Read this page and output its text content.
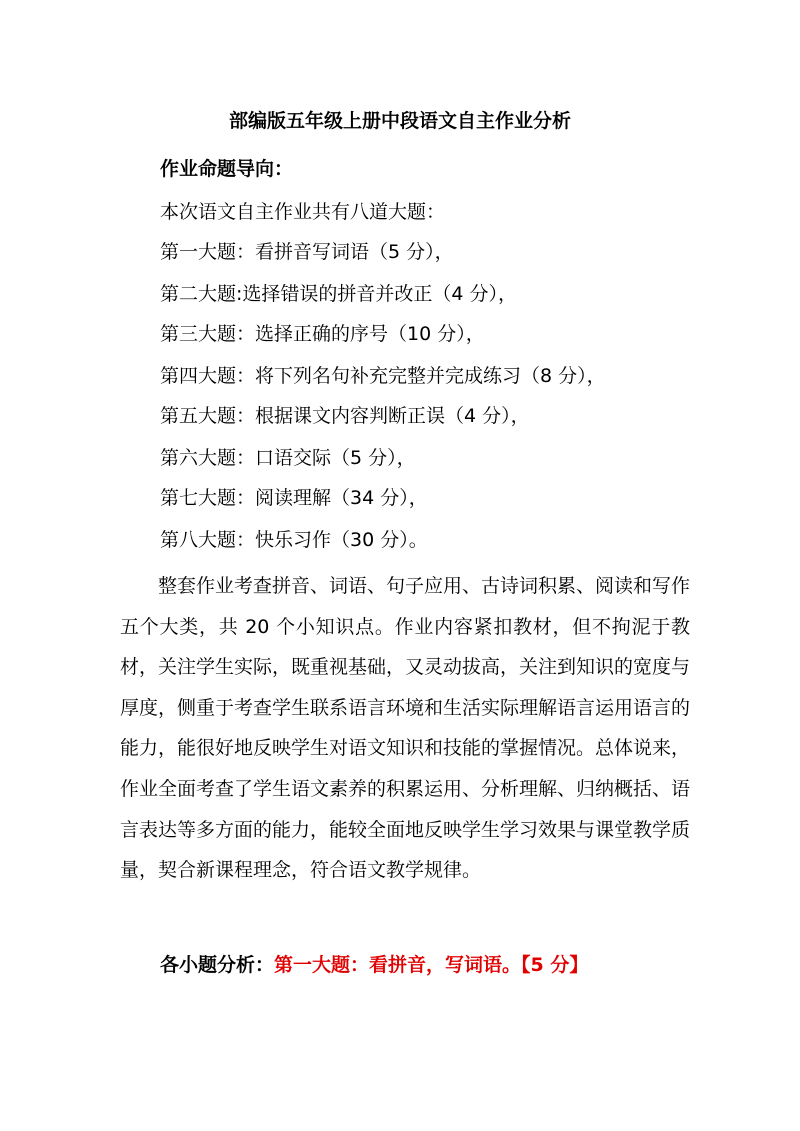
部编版五年级上册中段语文自主作业分析
作业命题导向：
本次语文自主作业共有八道大题：
第一大题：看拼音写词语（5 分），
第二大题:选择错误的拼音并改正（4 分），
第三大题：选择正确的序号（10 分），
第四大题：将下列名句补充完整并完成练习（8 分），
第五大题：根据课文内容判断正误（4 分），
第六大题：口语交际（5 分），
第七大题：阅读理解（34 分），
第八大题：快乐习作（30 分）。

整套作业考查拼音、词语、句子应用、古诗词积累、阅读和写作五个大类，共 20 个小知识点。作业内容紧扣教材，但不拘泥于教材，关注学生实际，既重视基础，又灵动拔高，关注到知识的宽度与厚度，侧重于考查学生联系语言环境和生活实际理解语言运用语言的能力，能很好地反映学生对语文知识和技能的掌握情况。总体说来，作业全面考查了学生语文素养的积累运用、分析理解、归纳概括、语言表达等多方面的能力，能较全面地反映学生学习效果与课堂教学质量，契合新课程理念，符合语文教学规律。

各小题分析：第一大题：看拼音，写词语。【5 分】
